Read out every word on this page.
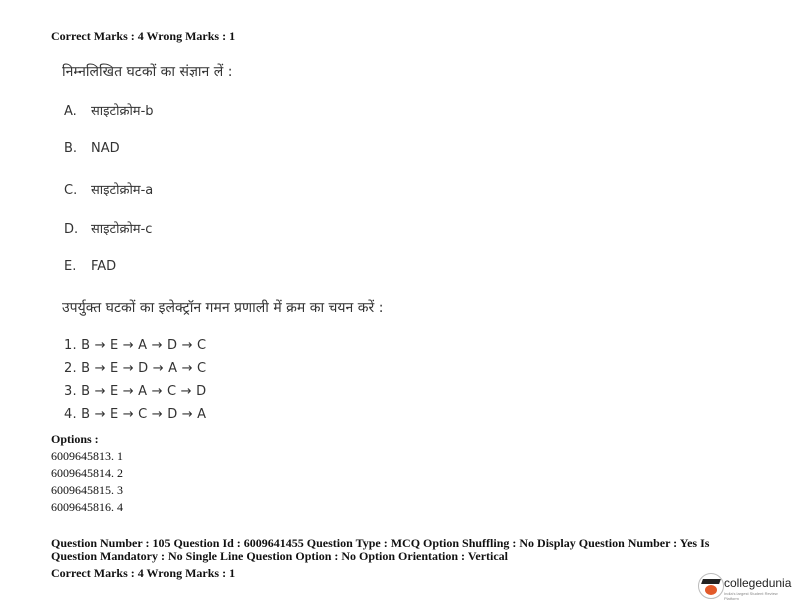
Correct Marks : 4 Wrong Marks : 1
निम्नलिखित घटकों का संज्ञान लें :
A. साइटोक्रोम-b
B. NAD
C. साइटोक्रोम-a
D. साइटोक्रोम-c
E. FAD
उपर्युक्त घटकों का इलेक्ट्रॉन गमन प्रणाली में क्रम का चयन करें :
1. B → E → A → D → C
2. B → E → D → A → C
3. B → E → A → C → D
4. B → E → C → D → A
Options :
6009645813. 1
6009645814. 2
6009645815. 3
6009645816. 4
Question Number : 105 Question Id : 6009641455 Question Type : MCQ Option Shuffling : No Display Question Number : Yes Is
Question Mandatory : No Single Line Question Option : No Option Orientation : Vertical
Correct Marks : 4 Wrong Marks : 1
collegedunia
India's largest Student Review Platform
